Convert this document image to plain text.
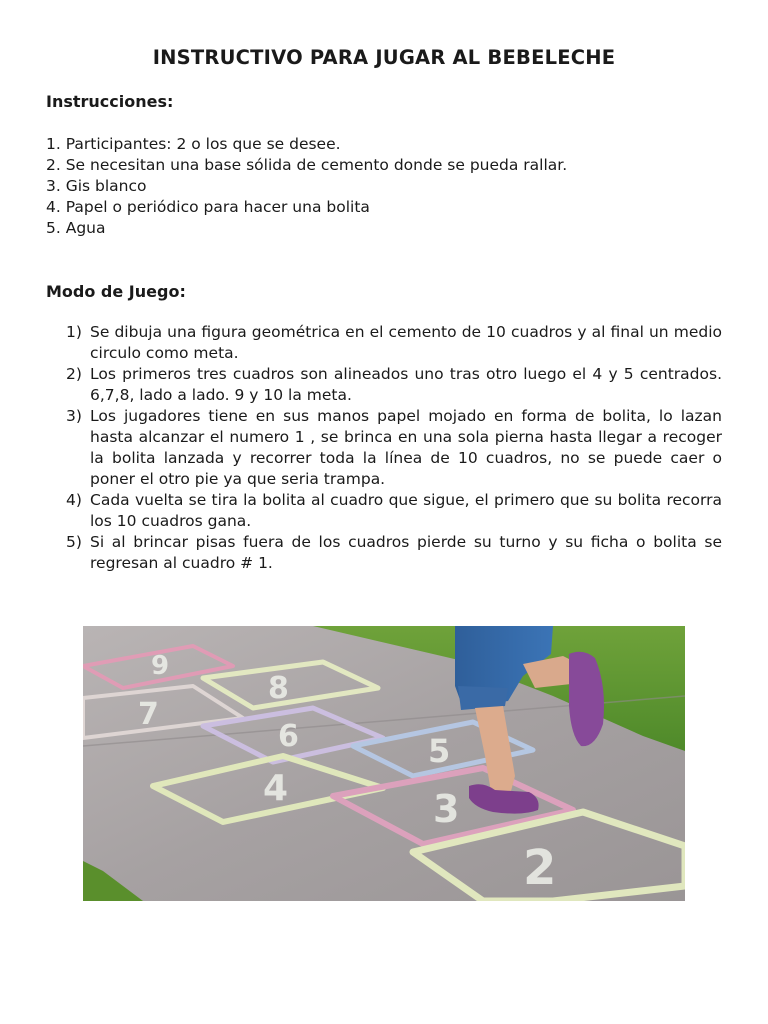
INSTRUCTIVO PARA JUGAR AL BEBELECHE
Instrucciones:
1. Participantes: 2 o los que se desee.
2. Se necesitan una base sólida de cemento donde se pueda rallar.
3. Gis blanco
4. Papel o periódico para hacer una bolita
5. Agua
Modo de Juego:
1) Se dibuja una figura geométrica en el cemento de 10 cuadros y al final un medio circulo como meta.
2) Los primeros tres cuadros son alineados uno tras otro luego el 4 y 5 centrados. 6,7,8, lado a lado. 9 y 10 la meta.
3) Los jugadores tiene en sus manos papel mojado en forma de bolita, lo lazan hasta alcanzar el numero 1 , se brinca en una sola pierna hasta llegar a recoger la bolita lanzada y recorrer toda la línea de 10 cuadros, no se puede caer o poner el otro pie ya que seria trampa.
4) Cada vuelta se tira la bolita al cuadro que sigue, el primero que su bolita recorra los 10 cuadros gana.
5) Si al brincar pisas fuera de los cuadros pierde su turno y su ficha o bolita se regresan al cuadro # 1.
9
8
7
6	5
4	3
2
